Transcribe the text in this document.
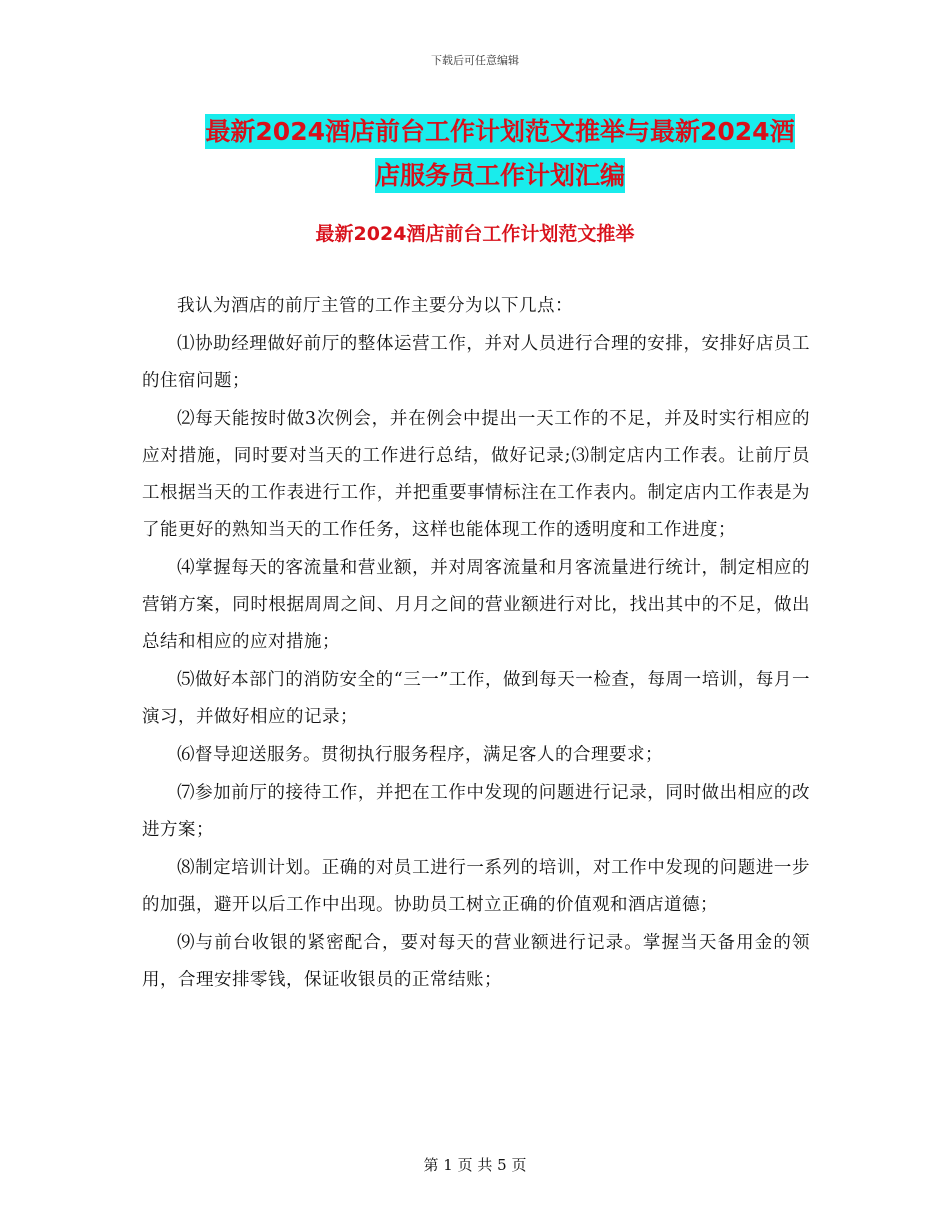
下载后可任意编辑
最新2024酒店前台工作计划范文推举与最新2024酒
店服务员工作计划汇编
最新2024酒店前台工作计划范文推举

我认为酒店的前厅主管的工作主要分为以下几点：

⑴协助经理做好前厅的整体运营工作，并对人员进行合理的安排，安排好店员工的住宿问题；

⑵每天能按时做3次例会，并在例会中提出一天工作的不足，并及时实行相应的应对措施，同时要对当天的工作进行总结，做好记录;⑶制定店内工作表。让前厅员工根据当天的工作表进行工作，并把重要事情标注在工作表内。制定店内工作表是为了能更好的熟知当天的工作任务，这样也能体现工作的透明度和工作进度；

⑷掌握每天的客流量和营业额，并对周客流量和月客流量进行统计，制定相应的营销方案，同时根据周周之间、月月之间的营业额进行对比，找出其中的不足，做出总结和相应的应对措施；

⑸做好本部门的消防安全的“三一”工作，做到每天一检查，每周一培训，每月一演习，并做好相应的记录；

⑹督导迎送服务。贯彻执行服务程序，满足客人的合理要求；

⑺参加前厅的接待工作，并把在工作中发现的问题进行记录，同时做出相应的改进方案；

⑻制定培训计划。正确的对员工进行一系列的培训，对工作中发现的问题进一步的加强，避开以后工作中出现。协助员工树立正确的价值观和酒店道德；

⑼与前台收银的紧密配合，要对每天的营业额进行记录。掌握当天备用金的领用，合理安排零钱，保证收银员的正常结账；

第 1 页 共 5 页
